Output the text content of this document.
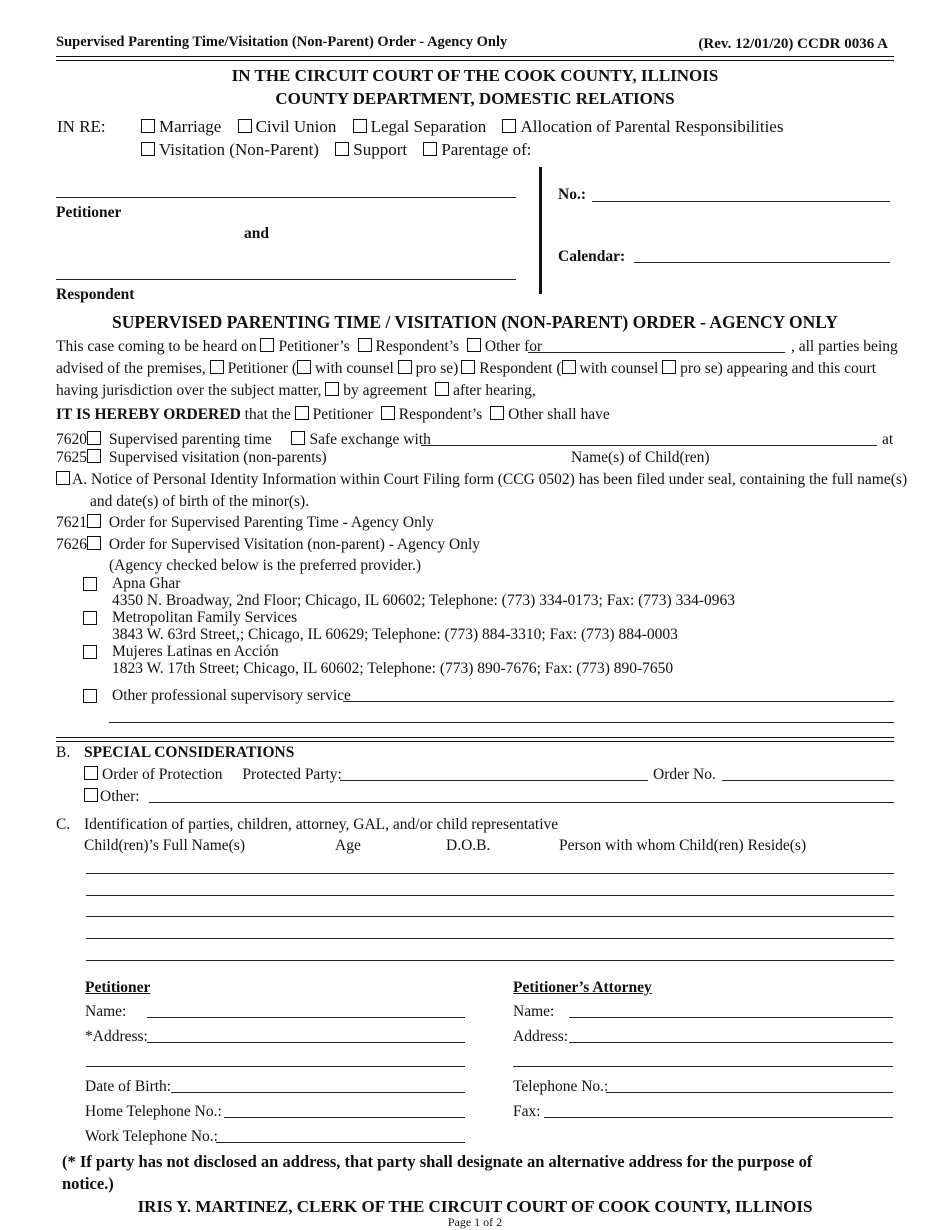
Supervised Parenting Time/Visitation (Non-Parent) Order - Agency Only	(Rev. 12/01/20) CCDR 0036 A
IN THE CIRCUIT COURT OF THE COOK COUNTY, ILLINOIS
COUNTY DEPARTMENT, DOMESTIC RELATIONS
IN RE:	Marriage Civil Union Legal Separation Allocation of Parental Responsibilities
Visitation (Non-Parent) Support Parentage of:
Petitioner
and
Respondent
No.:
Calendar:
SUPERVISED PARENTING TIME / VISITATION (NON-PARENT) ORDER - AGENCY ONLY
This case coming to be heard on Petitioner’s Respondent’s Other for	, all parties being
advised of the premises, Petitioner ( with counsel pro se) Respondent ( with counsel pro se) appearing and this court
having jurisdiction over the subject matter, by agreement after hearing,
IT IS HEREBY ORDERED that the Petitioner Respondent’s Other shall have
7620 Supervised parenting time Safe exchange with	at
7625 Supervised visitation (non-parents)	Name(s) of Child(ren)
A. Notice of Personal Identity Information within Court Filing form (CCG 0502) has been filed under seal, containing the full name(s)
and date(s) of birth of the minor(s).
7621 Order for Supervised Parenting Time - Agency Only
7626 Order for Supervised Visitation (non-parent) - Agency Only
(Agency checked below is the preferred provider.)
Apna Ghar
4350 N. Broadway, 2nd Floor; Chicago, IL 60602; Telephone: (773) 334-0173; Fax: (773) 334-0963
Metropolitan Family Services
3843 W. 63rd Street,; Chicago, IL 60629; Telephone: (773) 884-3310; Fax: (773) 884-0003
Mujeres Latinas en Acción
1823 W. 17th Street; Chicago, IL 60602; Telephone: (773) 890-7676; Fax: (773) 890-7650
Other professional supervisory service
B. SPECIAL CONSIDERATIONS
Order of Protection Protected Party:	Order No.
Other:
C. Identification of parties, children, attorney, GAL, and/or child representative
Child(ren)’s Full Name(s)	Age	D.O.B.	Person with whom Child(ren) Reside(s)
Petitioner
Name:
*Address:
Date of Birth:
Home Telephone No.:
Work Telephone No.:
Petitioner’s Attorney
Name:
Address:
Telephone No.:
Fax:
(* If party has not disclosed an address, that party shall designate an alternative address for the purpose of
notice.)
IRIS Y. MARTINEZ, CLERK OF THE CIRCUIT COURT OF COOK COUNTY, ILLINOIS
Page 1 of 2
